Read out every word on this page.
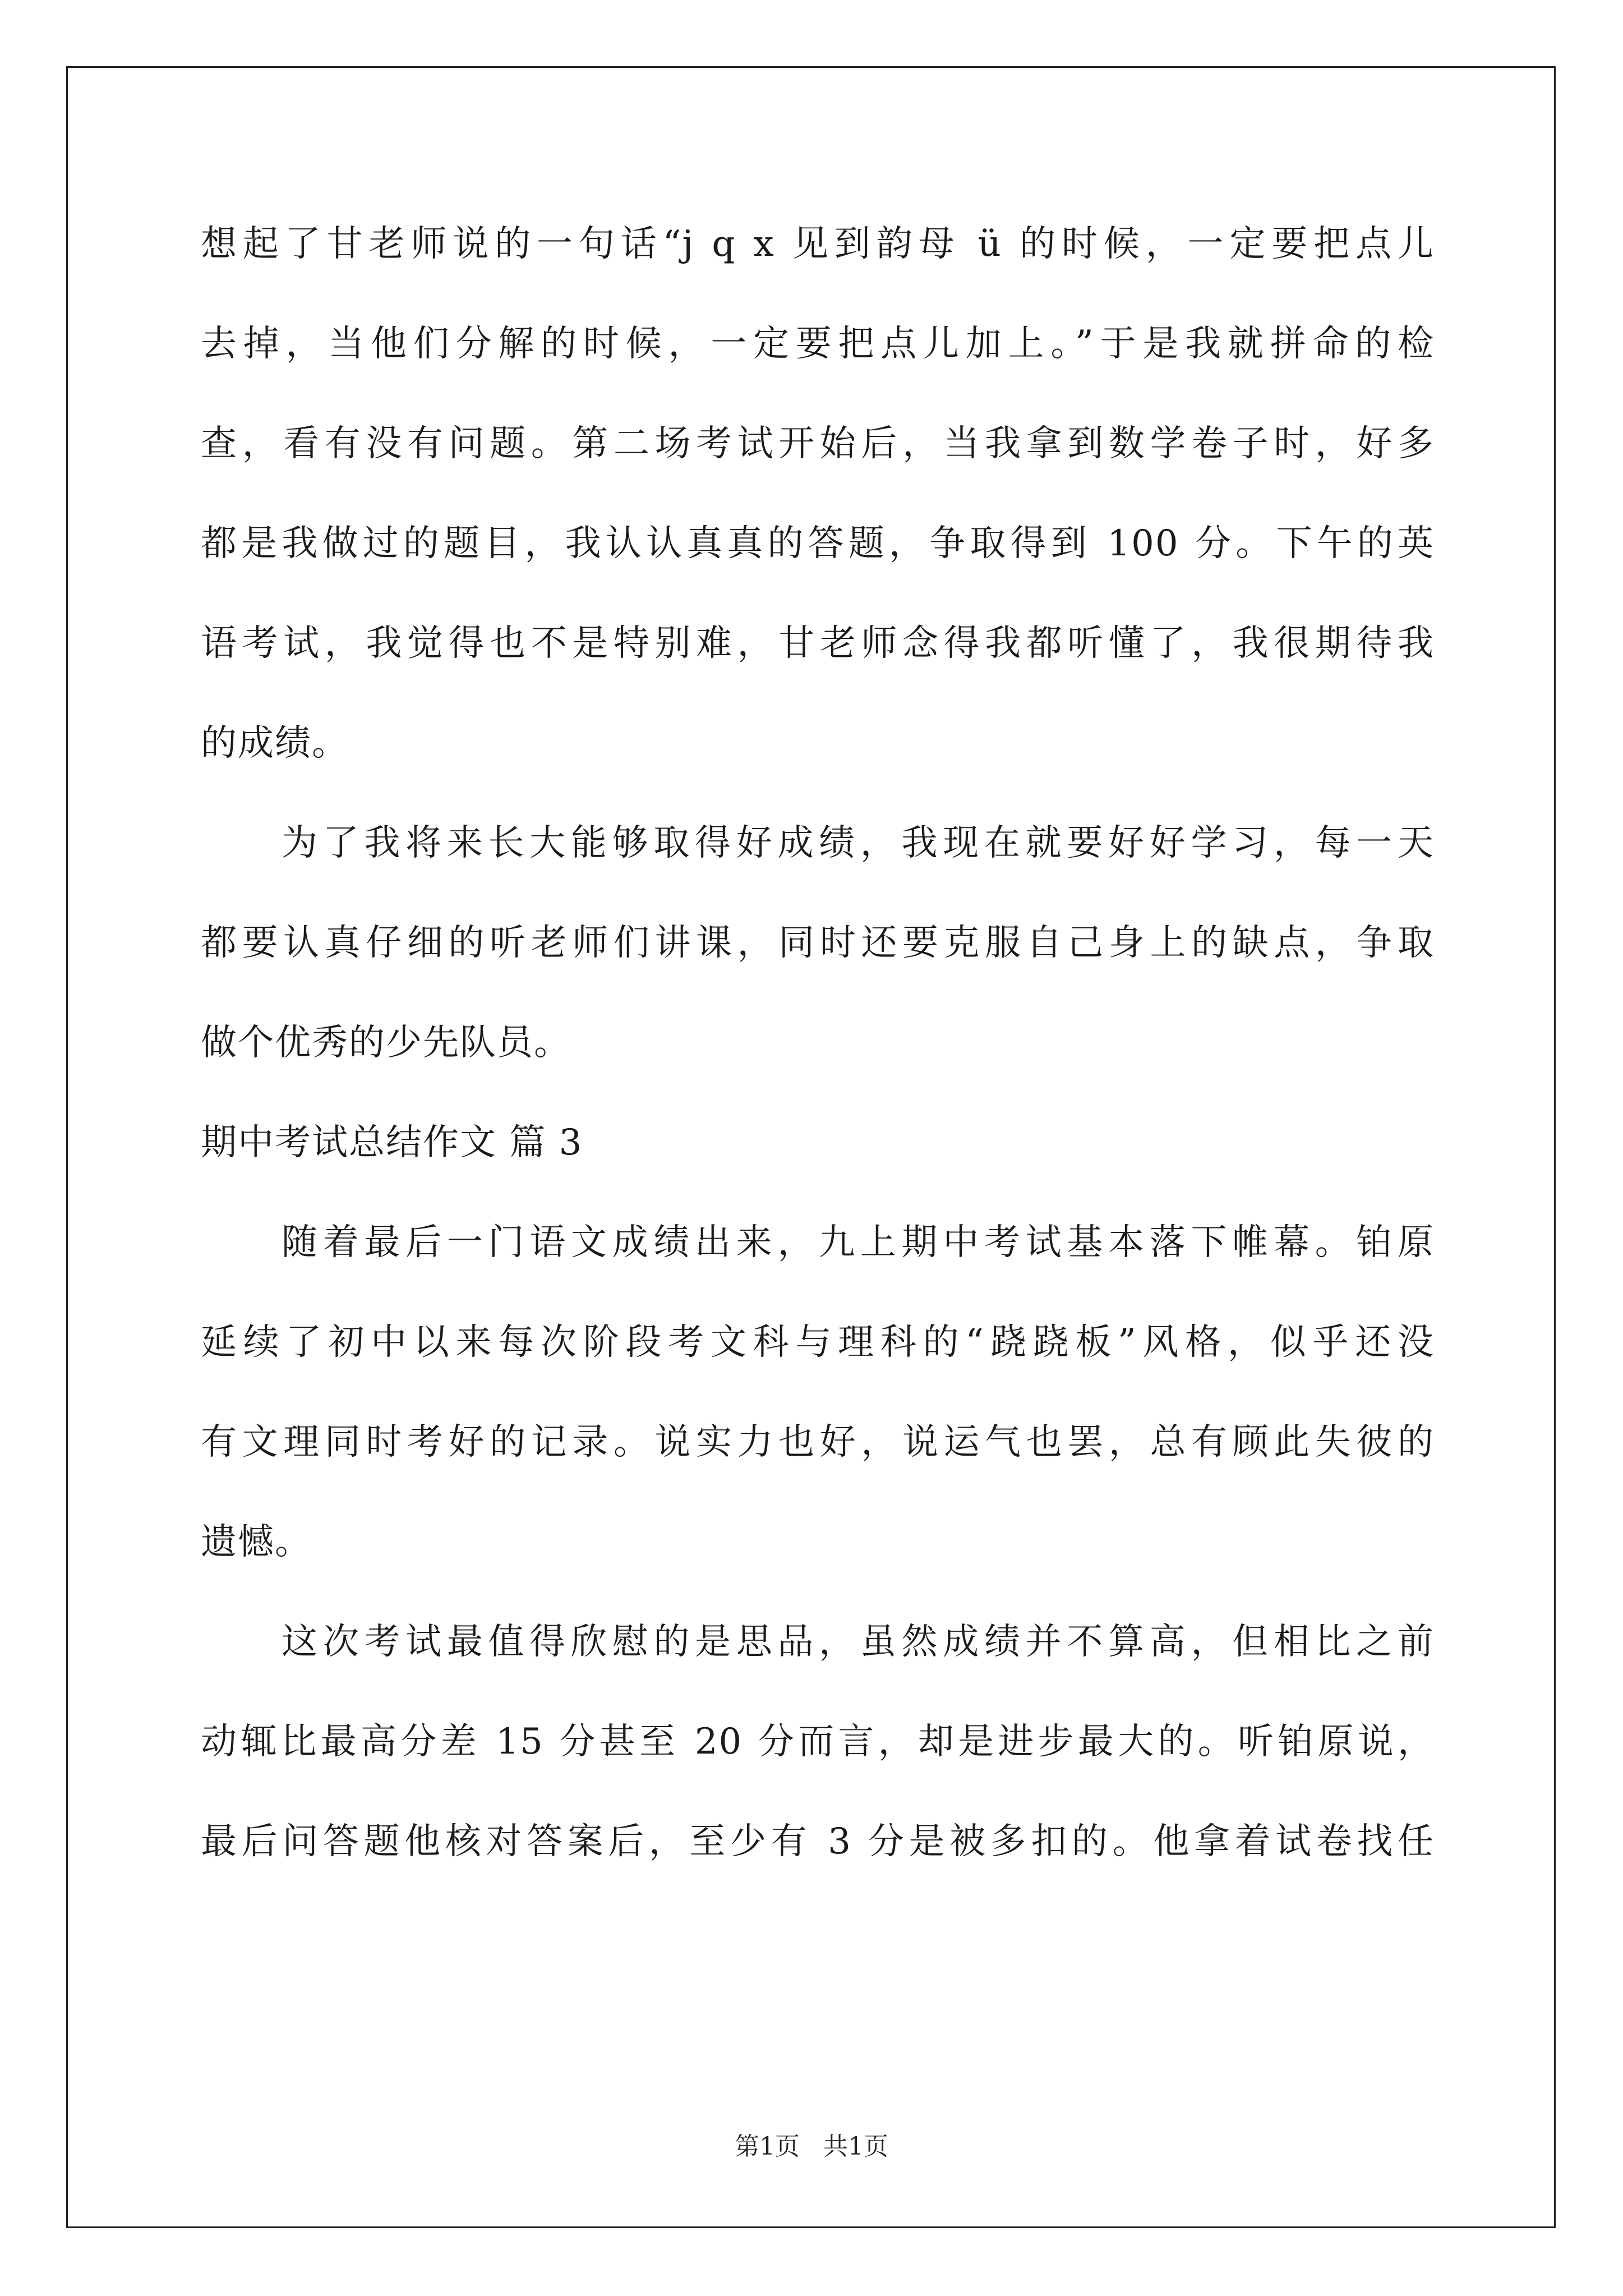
想起了甘老师说的一句话“j q x 见到韵母 ü 的时候，一定要把点儿
去掉，当他们分解的时候，一定要把点儿加上。”于是我就拼命的检
查，看有没有问题。第二场考试开始后，当我拿到数学卷子时，好多
都是我做过的题目，我认认真真的答题，争取得到 100 分。下午的英
语考试，我觉得也不是特别难，甘老师念得我都听懂了，我很期待我
的成绩。
为了我将来长大能够取得好成绩，我现在就要好好学习，每一天
都要认真仔细的听老师们讲课，同时还要克服自己身上的缺点，争取
做个优秀的少先队员。
期中考试总结作文 篇 3
随着最后一门语文成绩出来，九上期中考试基本落下帷幕。铂原
延续了初中以来每次阶段考文科与理科的“跷跷板”风格，似乎还没
有文理同时考好的记录。说实力也好，说运气也罢，总有顾此失彼的
遗憾。
这次考试最值得欣慰的是思品，虽然成绩并不算高，但相比之前
动辄比最高分差 15 分甚至 20 分而言，却是进步最大的。听铂原说，
最后问答题他核对答案后，至少有 3 分是被多扣的。他拿着试卷找任
第1页 共1页
